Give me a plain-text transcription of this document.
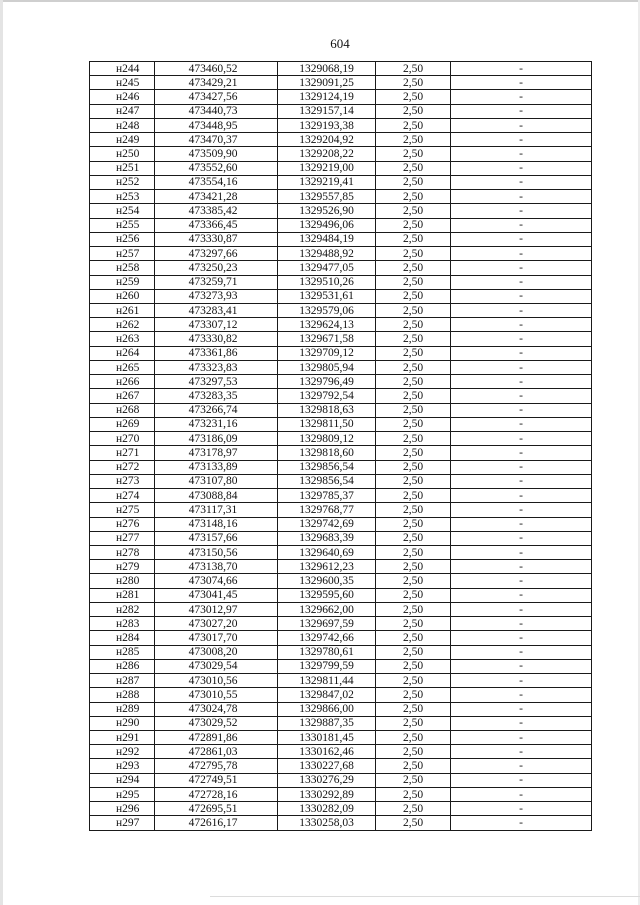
604
н244	473460,52	1329068,19	2,50	-
н245	473429,21	1329091,25	2,50	-
н246	473427,56	1329124,19	2,50	-
н247	473440,73	1329157,14	2,50	-
н248	473448,95	1329193,38	2,50	-
н249	473470,37	1329204,92	2,50	-
н250	473509,90	1329208,22	2,50	-
н251	473552,60	1329219,00	2,50	-
н252	473554,16	1329219,41	2,50	-
н253	473421,28	1329557,85	2,50	-
н254	473385,42	1329526,90	2,50	-
н255	473366,45	1329496,06	2,50	-
н256	473330,87	1329484,19	2,50	-
н257	473297,66	1329488,92	2,50	-
н258	473250,23	1329477,05	2,50	-
н259	473259,71	1329510,26	2,50	-
н260	473273,93	1329531,61	2,50	-
н261	473283,41	1329579,06	2,50	-
н262	473307,12	1329624,13	2,50	-
н263	473330,82	1329671,58	2,50	-
н264	473361,86	1329709,12	2,50	-
н265	473323,83	1329805,94	2,50	-
н266	473297,53	1329796,49	2,50	-
н267	473283,35	1329792,54	2,50	-
н268	473266,74	1329818,63	2,50	-
н269	473231,16	1329811,50	2,50	-
н270	473186,09	1329809,12	2,50	-
н271	473178,97	1329818,60	2,50	-
н272	473133,89	1329856,54	2,50	-
н273	473107,80	1329856,54	2,50	-
н274	473088,84	1329785,37	2,50	-
н275	473117,31	1329768,77	2,50	-
н276	473148,16	1329742,69	2,50	-
н277	473157,66	1329683,39	2,50	-
н278	473150,56	1329640,69	2,50	-
н279	473138,70	1329612,23	2,50	-
н280	473074,66	1329600,35	2,50	-
н281	473041,45	1329595,60	2,50	-
н282	473012,97	1329662,00	2,50	-
н283	473027,20	1329697,59	2,50	-
н284	473017,70	1329742,66	2,50	-
н285	473008,20	1329780,61	2,50	-
н286	473029,54	1329799,59	2,50	-
н287	473010,56	1329811,44	2,50	-
н288	473010,55	1329847,02	2,50	-
н289	473024,78	1329866,00	2,50	-
н290	473029,52	1329887,35	2,50	-
н291	472891,86	1330181,45	2,50	-
н292	472861,03	1330162,46	2,50	-
н293	472795,78	1330227,68	2,50	-
н294	472749,51	1330276,29	2,50	-
н295	472728,16	1330292,89	2,50	-
н296	472695,51	1330282,09	2,50	-
н297	472616,17	1330258,03	2,50	-
